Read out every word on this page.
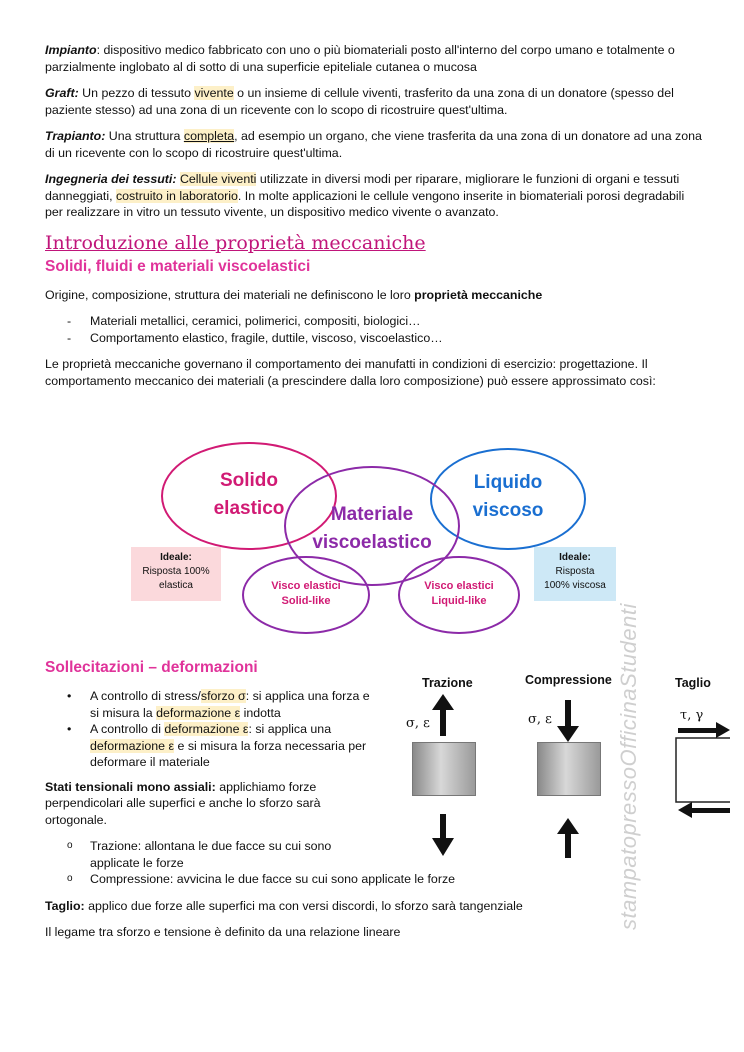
Impianto: dispositivo medico fabbricato con uno o più biomateriali posto all'interno del corpo umano e totalmente o parzialmente inglobato al di sotto di una superficie epiteliale cutanea o mucosa

Graft: Un pezzo di tessuto vivente o un insieme di cellule viventi, trasferito da una zona di un donatore (spesso del paziente stesso) ad una zona di un ricevente con lo scopo di ricostruire quest'ultima.

Trapianto: Una struttura completa, ad esempio un organo, che viene trasferita da una zona di un donatore ad una zona di un ricevente con lo scopo di ricostruire quest'ultima.

Ingegneria dei tessuti: Cellule viventi utilizzate in diversi modi per riparare, migliorare le funzioni di organi e tessuti danneggiati, costruito in laboratorio. In molte applicazioni le cellule vengono inserite in biomateriali porosi degradabili per realizzare in vitro un tessuto vivente, un dispositivo medico vivente o avanzato.

Introduzione alle proprietà meccaniche
Solidi, fluidi e materiali viscoelastici

Origine, composizione, struttura dei materiali ne definiscono le loro proprietà meccaniche

- Materiali metallici, ceramici, polimerici, compositi, biologici…
- Comportamento elastico, fragile, duttile, viscoso, viscoelastico…

Le proprietà meccaniche governano il comportamento dei manufatti in condizioni di esercizio: progettazione. Il comportamento meccanico dei materiali (a prescindere dalla loro composizione) può essere approssimato così:

Solido
elastico
Liquido
viscoso
Materiale
viscoelastico
Visco elastici
Solid-like
Visco elastici
Liquid-like
Ideale:
Risposta 100%
elastica
Ideale:
Risposta
100% viscosa
Sollecitazioni – deformazioni
• A controllo di stress/sforzo σ: si applica una forza e si misura la deformazione ε indotta
• A controllo di deformazione ε: si applica una deformazione ε e si misura la forza necessaria per deformare il materiale

Stati tensionali mono assiali: applichiamo forze perpendicolari alle superfici e anche lo sforzo sarà ortogonale.

o Trazione: allontana le due facce su cui sono applicate le forze
o Compressione: avvicina le due facce su cui sono applicate le forze

Taglio: applico due forze alle superfici ma con versi discordi, lo sforzo sarà tangenziale

Il legame tra sforzo e tensione è definito da una relazione lineare

Trazione	Compressione	Taglio
σ, ε	σ, ε	τ, γ
stampatopressoOfficinaStudenti
